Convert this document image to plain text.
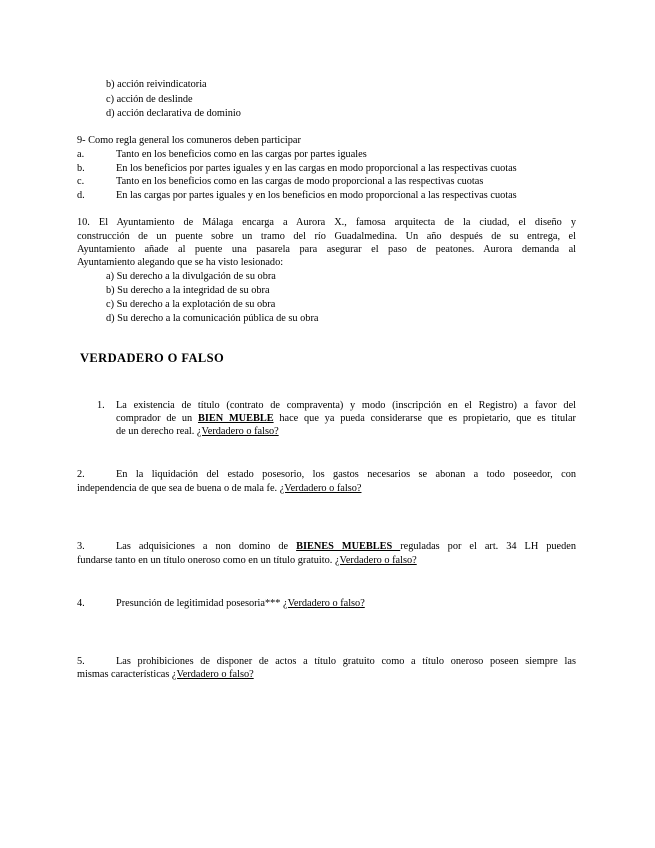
b) acción reivindicatoria
c) acción de deslinde
d) acción declarativa de dominio
9- Como regla general los comuneros deben participar
a.	Tanto en los beneficios como en las cargas por partes iguales
b.	En los beneficios por partes iguales y en las cargas en modo proporcional a las respectivas cuotas
c.	Tanto en los beneficios como en las cargas de modo proporcional a las respectivas cuotas
d.	En las cargas por partes iguales y en los beneficios en modo proporcional a las respectivas cuotas
10. El Ayuntamiento de Málaga encarga a Aurora X., famosa arquitecta de la ciudad, el diseño y
construcción de un puente sobre un tramo del río Guadalmedina. Un año después de su entrega, el
Ayuntamiento añade al puente una pasarela para asegurar el paso de peatones. Aurora demanda al
Ayuntamiento alegando que se ha visto lesionado:
a) Su derecho a la divulgación de su obra
b) Su derecho a la integridad de su obra
c) Su derecho a la explotación de su obra
d) Su derecho a la comunicación pública de su obra
VERDADERO O FALSO
1. La existencia de título (contrato de compraventa) y modo (inscripción en el Registro) a favor del
comprador de un BIEN MUEBLE hace que ya pueda considerarse que es propietario, que es titular
de un derecho real. ¿Verdadero o falso?
2.	En la liquidación del estado posesorio, los gastos necesarios se abonan a todo poseedor, con
independencia de que sea de buena o de mala fe. ¿Verdadero o falso?
3.	Las adquisiciones a non domino de BIENES MUEBLES reguladas por el art. 34 LH pueden
fundarse tanto en un título oneroso como en un título gratuito. ¿Verdadero o falso?
4.	Presunción de legitimidad posesoria*** ¿Verdadero o falso?
5.	Las prohibiciones de disponer de actos a título gratuito como a título oneroso poseen siempre las
mismas características ¿Verdadero o falso?
